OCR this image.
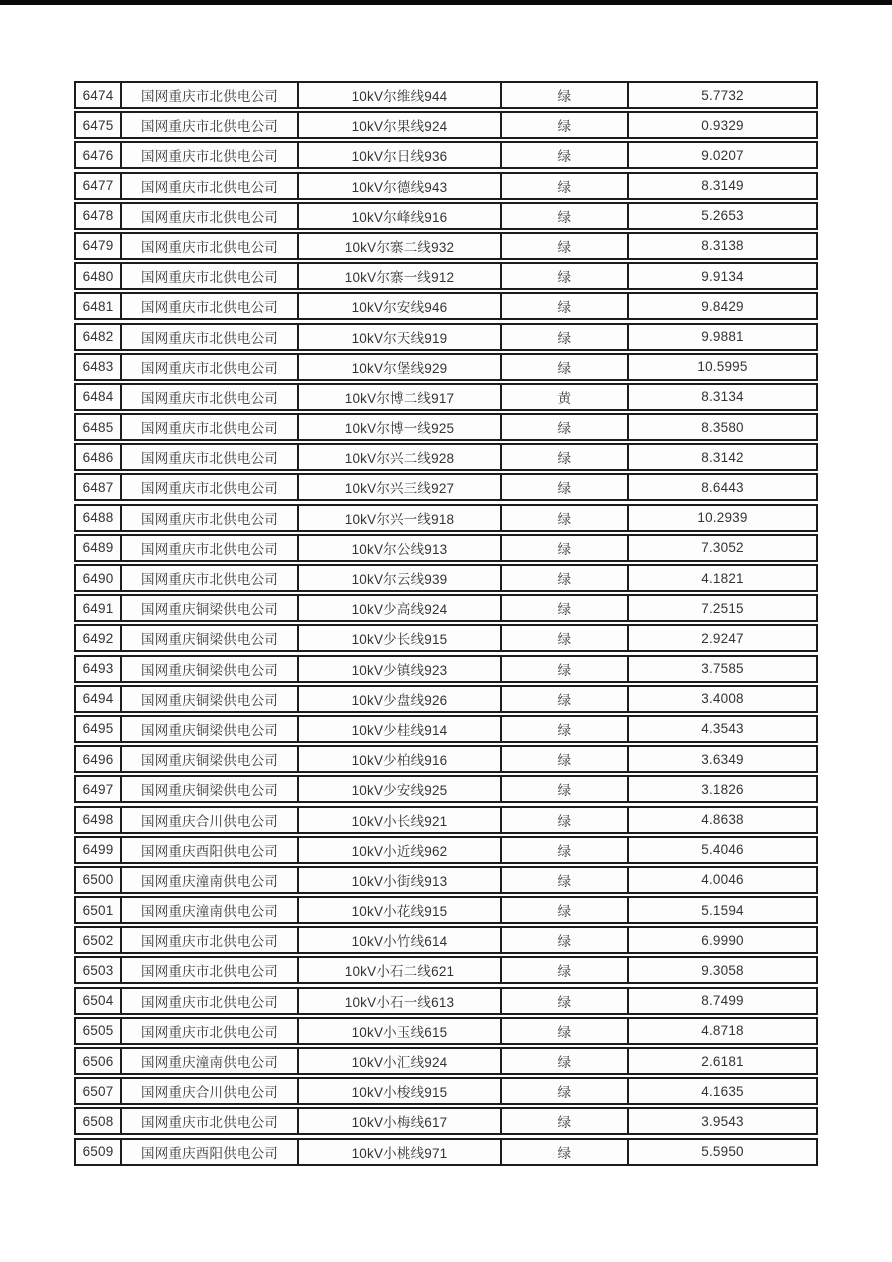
6474	国网重庆市北供电公司	10kV尔维线944	绿	5.7732
6475	国网重庆市北供电公司	10kV尔果线924	绿	0.9329
6476	国网重庆市北供电公司	10kV尔日线936	绿	9.0207
6477	国网重庆市北供电公司	10kV尔德线943	绿	8.3149
6478	国网重庆市北供电公司	10kV尔峰线916	绿	5.2653
6479	国网重庆市北供电公司	10kV尔寨二线932	绿	8.3138
6480	国网重庆市北供电公司	10kV尔寨一线912	绿	9.9134
6481	国网重庆市北供电公司	10kV尔安线946	绿	9.8429
6482	国网重庆市北供电公司	10kV尔天线919	绿	9.9881
6483	国网重庆市北供电公司	10kV尔堡线929	绿	10.5995
6484	国网重庆市北供电公司	10kV尔博二线917	黄	8.3134
6485	国网重庆市北供电公司	10kV尔博一线925	绿	8.3580
6486	国网重庆市北供电公司	10kV尔兴二线928	绿	8.3142
6487	国网重庆市北供电公司	10kV尔兴三线927	绿	8.6443
6488	国网重庆市北供电公司	10kV尔兴一线918	绿	10.2939
6489	国网重庆市北供电公司	10kV尔公线913	绿	7.3052
6490	国网重庆市北供电公司	10kV尔云线939	绿	4.1821
6491	国网重庆铜梁供电公司	10kV少高线924	绿	7.2515
6492	国网重庆铜梁供电公司	10kV少长线915	绿	2.9247
6493	国网重庆铜梁供电公司	10kV少镇线923	绿	3.7585
6494	国网重庆铜梁供电公司	10kV少盘线926	绿	3.4008
6495	国网重庆铜梁供电公司	10kV少桂线914	绿	4.3543
6496	国网重庆铜梁供电公司	10kV少柏线916	绿	3.6349
6497	国网重庆铜梁供电公司	10kV少安线925	绿	3.1826
6498	国网重庆合川供电公司	10kV小长线921	绿	4.8638
6499	国网重庆酉阳供电公司	10kV小近线962	绿	5.4046
6500	国网重庆潼南供电公司	10kV小街线913	绿	4.0046
6501	国网重庆潼南供电公司	10kV小花线915	绿	5.1594
6502	国网重庆市北供电公司	10kV小竹线614	绿	6.9990
6503	国网重庆市北供电公司	10kV小石二线621	绿	9.3058
6504	国网重庆市北供电公司	10kV小石一线613	绿	8.7499
6505	国网重庆市北供电公司	10kV小玉线615	绿	4.8718
6506	国网重庆潼南供电公司	10kV小汇线924	绿	2.6181
6507	国网重庆合川供电公司	10kV小梭线915	绿	4.1635
6508	国网重庆市北供电公司	10kV小梅线617	绿	3.9543
6509	国网重庆酉阳供电公司	10kV小桃线971	绿	5.5950
